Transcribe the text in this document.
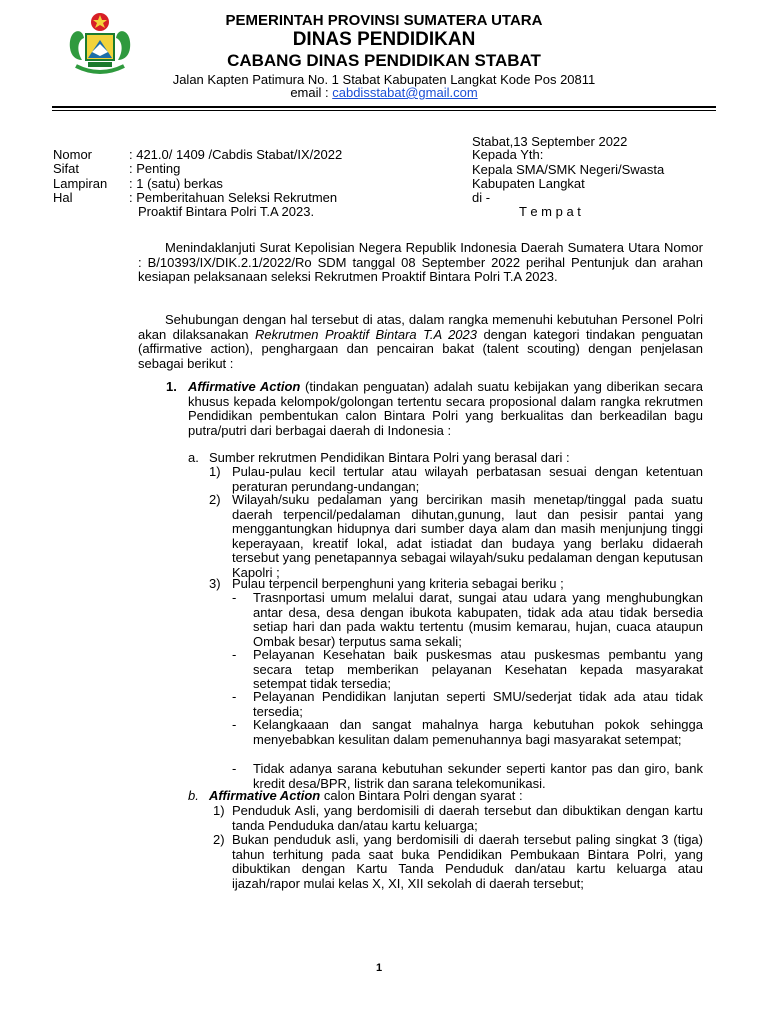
PEMERINTAH PROVINSI SUMATERA UTARA
DINAS PENDIDIKAN
CABANG DINAS PENDIDIKAN STABAT
Jalan Kapten Patimura No. 1 Stabat Kabupaten Langkat Kode Pos 20811
email : cabdisstabat@gmail.com
Stabat,13 September 2022
Kepada Yth:
Kepala SMA/SMK Negeri/Swasta
Kabupaten Langkat
di -
T e m p a t
Nomor	: 421.0/ 1409 /Cabdis Stabat/IX/2022
Sifat	: Penting
Lampiran : 1 (satu) berkas
Hal	: Pemberitahuan Seleksi Rekrutmen
Proaktif Bintara Polri T.A 2023.
Menindaklanjuti Surat Kepolisian Negera Republik Indonesia Daerah Sumatera Utara Nomor : B/10393/IX/DIK.2.1/2022/Ro SDM tanggal 08 September 2022 perihal Pentunjuk dan arahan kesiapan pelaksanaan seleksi Rekrutmen Proaktif Bintara Polri T.A 2023.
Sehubungan dengan hal tersebut di atas, dalam rangka memenuhi kebutuhan Personel Polri akan dilaksanakan Rekrutmen Proaktif Bintara T.A 2023 dengan kategori tindakan penguatan (affirmative action), penghargaan dan pencairan bakat (talent scouting) dengan penjelasan sebagai berikut :
1. Affirmative Action (tindakan penguatan) adalah suatu kebijakan yang diberikan secara khusus kepada kelompok/golongan tertentu secara proposional dalam rangka rekrutmen Pendidikan pembentukan calon Bintara Polri yang berkualitas dan berkeadilan bagu putra/putri dari berbagai daerah di Indonesia :
a. Sumber rekrutmen Pendidikan Bintara Polri yang berasal dari :
1) Pulau-pulau kecil tertular atau wilayah perbatasan sesuai dengan ketentuan peraturan perundang-undangan;
2) Wilayah/suku pedalaman yang bercirikan masih menetap/tinggal pada suatu daerah terpencil/pedalaman dihutan,gunung, laut dan pesisir pantai yang menggantungkan hidupnya dari sumber daya alam dan masih menjunjung tinggi keperayaan, kreatif lokal, adat istiadat dan budaya yang berlaku didaerah tersebut yang penetapannya sebagai wilayah/suku pedalaman dengan keputusan Kapolri ;
3) Pulau terpencil berpenghuni yang kriteria sebagai beriku ;
- Trasnportasi umum melalui darat, sungai atau udara yang menghubungkan antar desa, desa dengan ibukota kabupaten, tidak ada atau tidak bersedia setiap hari dan pada waktu tertentu (musim kemarau, hujan, cuaca ataupun Ombak besar) terputus sama sekali;
- Pelayanan Kesehatan baik puskesmas atau puskesmas pembantu yang secara tetap memberikan pelayanan Kesehatan kepada masyarakat setempat tidak tersedia;
- Pelayanan Pendidikan lanjutan seperti SMU/sederjat tidak ada atau tidak tersedia;
- Kelangkaaan dan sangat mahalnya harga kebutuhan pokok sehingga menyebabkan kesulitan dalam pemenuhannya bagi masyarakat setempat;
- Tidak adanya sarana kebutuhan sekunder seperti kantor pas dan giro, bank kredit desa/BPR, listrik dan sarana telekomunikasi.
b. Affirmative Action calon Bintara Polri dengan syarat :
1) Penduduk Asli, yang berdomisili di daerah tersebut dan dibuktikan dengan kartu tanda Penduduka dan/atau kartu keluarga;
2) Bukan penduduk asli, yang berdomisili di daerah tersebut paling singkat 3 (tiga) tahun terhitung pada saat buka Pendidikan Pembukaan Bintara Polri, yang dibuktikan dengan Kartu Tanda Penduduk dan/atau kartu keluarga atau ijazah/rapor mulai kelas X, XI, XII sekolah di daerah tersebut;
1
